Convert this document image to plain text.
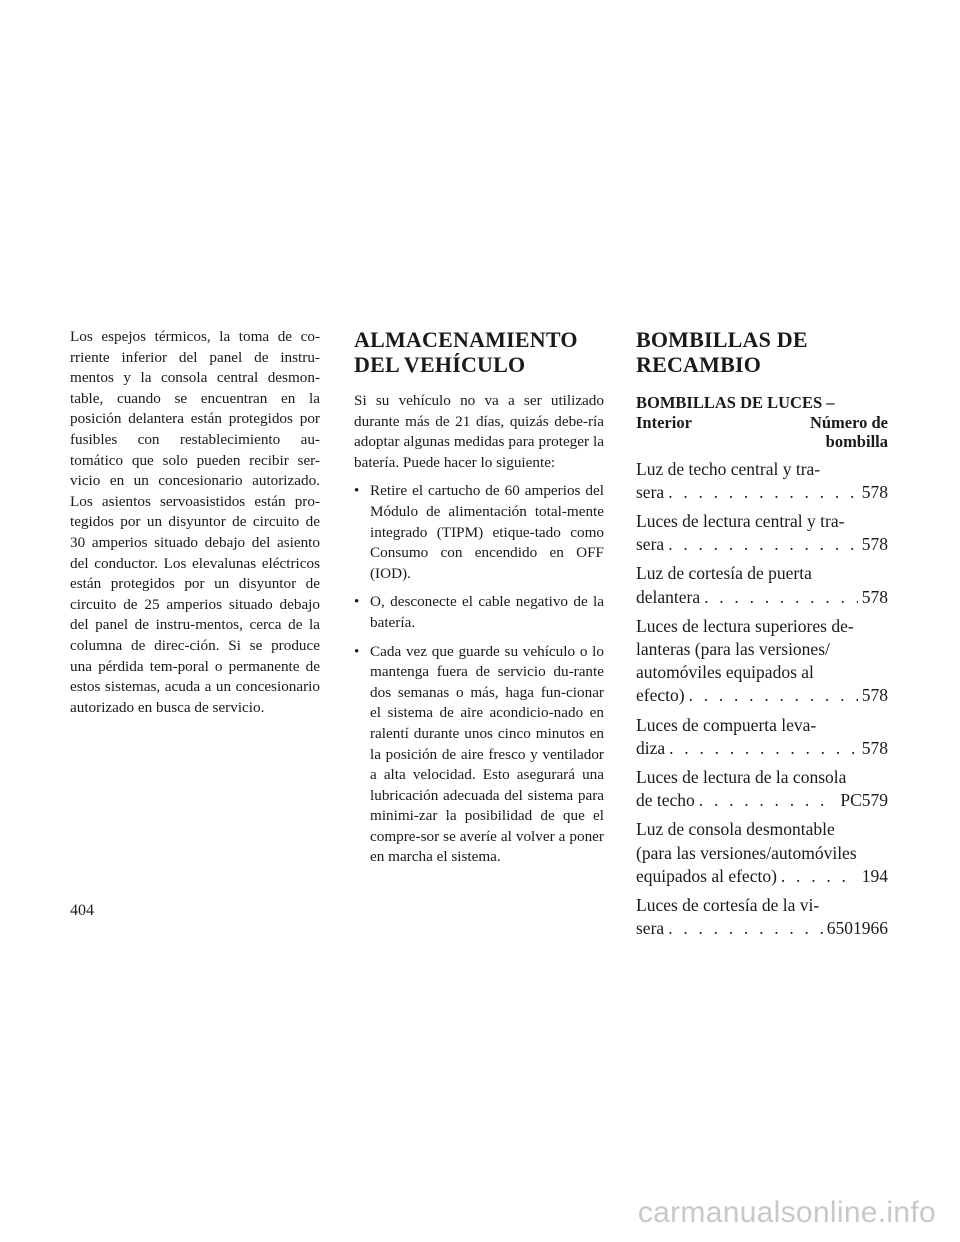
Los espejos térmicos, la toma de co-rriente inferior del panel de instru-mentos y la consola central desmon-table, cuando se encuentran en la posición delantera están protegidos por fusibles con restablecimiento au-tomático que solo pueden recibir ser-vicio en un concesionario autorizado. Los asientos servoasistidos están pro-tegidos por un disyuntor de circuito de 30 amperios situado debajo del asiento del conductor. Los elevalunas eléctricos están protegidos por un disyuntor de circuito de 25 amperios situado debajo del panel de instru-mentos, cerca de la columna de direc-ción. Si se produce una pérdida tem-poral o permanente de estos sistemas, acuda a un concesionario autorizado en busca de servicio.

ALMACENAMIENTO DEL VEHÍCULO

Si su vehículo no va a ser utilizado durante más de 21 días, quizás debe-ría adoptar algunas medidas para proteger la batería. Puede hacer lo siguiente:

• Retire el cartucho de 60 amperios del Módulo de alimentación total-mente integrado (TIPM) etique-tado como Consumo con encendido en OFF (IOD).
• O, desconecte el cable negativo de la batería.
• Cada vez que guarde su vehículo o lo mantenga fuera de servicio du-rante dos semanas o más, haga fun-cionar el sistema de aire acondicio-nado en ralentí durante unos cinco minutos en la posición de aire fresco y ventilador a alta velocidad. Esto asegurará una lubricación adecuada del sistema para minimi-zar la posibilidad de que el compre-sor se averíe al volver a poner en marcha el sistema.
BOMBILLAS DE RECAMBIO
BOMBILLAS DE LUCES –
Interior	Número de
bombilla
Luz de techo central y tra-
sera . . .	578
Luces de lectura central y tra-
sera . . .	578
Luz de cortesía de puerta
delantera . . .	578
Luces de lectura superiores de-
lanteras (para las versiones/
automóviles equipados al
efecto) . . .	578
Luces de compuerta leva-
diza . . .	578
Luces de lectura de la consola
de techo . . .	PC579
Luz de consola desmontable
(para las versiones/automóviles
equipados al efecto) . . .	194
Luces de cortesía de la vi-
sera . . .	6501966
404
carmanualsonline.info
